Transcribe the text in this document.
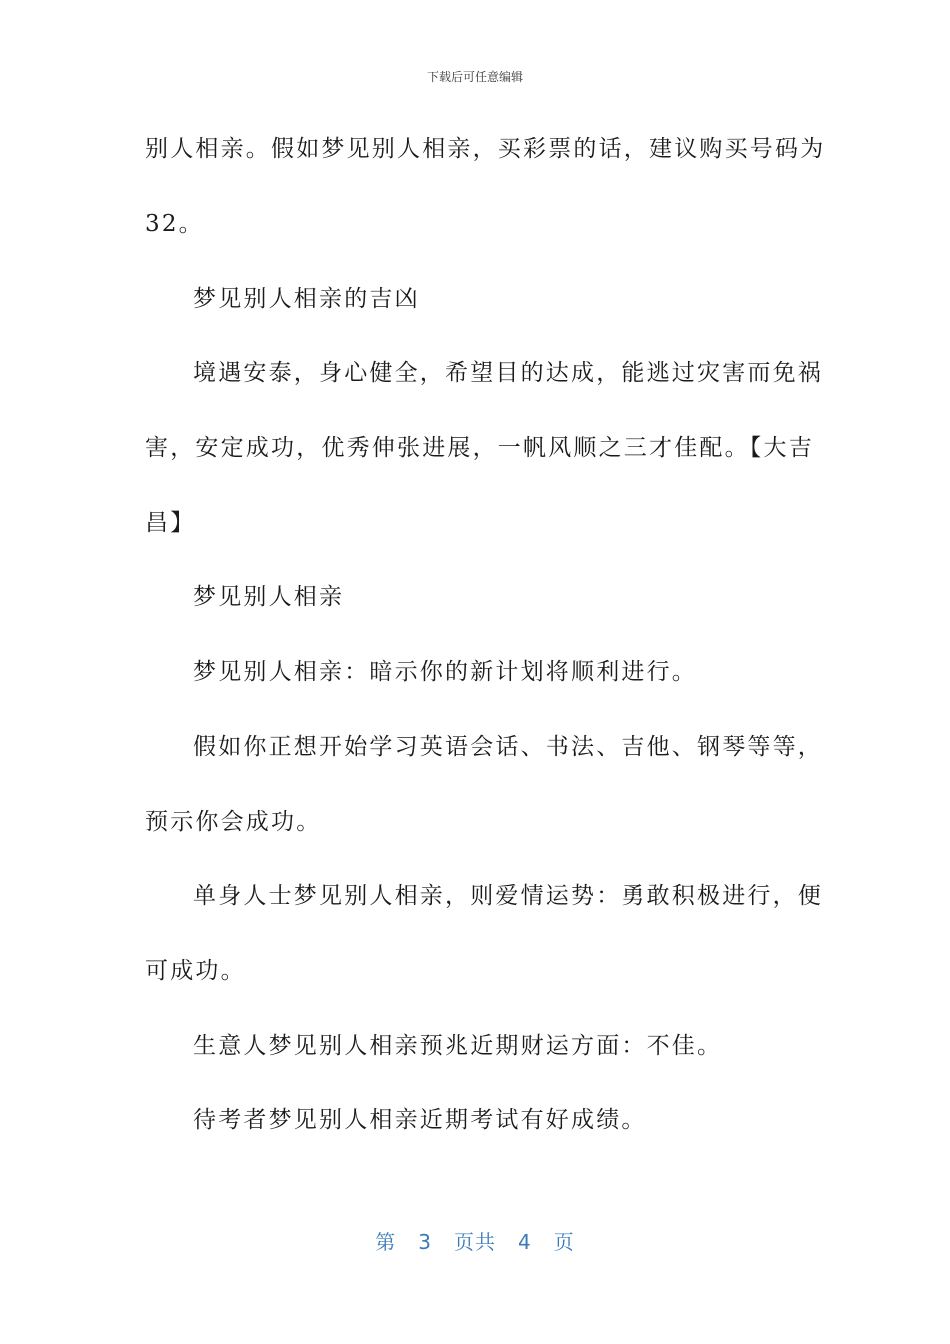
下载后可任意编辑
别人相亲。假如梦见别人相亲，买彩票的话，建议购买号码为
32。
梦见别人相亲的吉凶
境遇安泰，身心健全，希望目的达成，能逃过灾害而免祸
害，安定成功，优秀伸张进展，一帆风顺之三才佳配。【大吉
昌】
梦见别人相亲
梦见别人相亲：暗示你的新计划将顺利进行。
假如你正想开始学习英语会话、书法、吉他、钢琴等等，
预示你会成功。
单身人士梦见别人相亲，则爱情运势：勇敢积极进行，便
可成功。
生意人梦见别人相亲预兆近期财运方面：不佳。
待考者梦见别人相亲近期考试有好成绩。
第 3 页共 4 页
